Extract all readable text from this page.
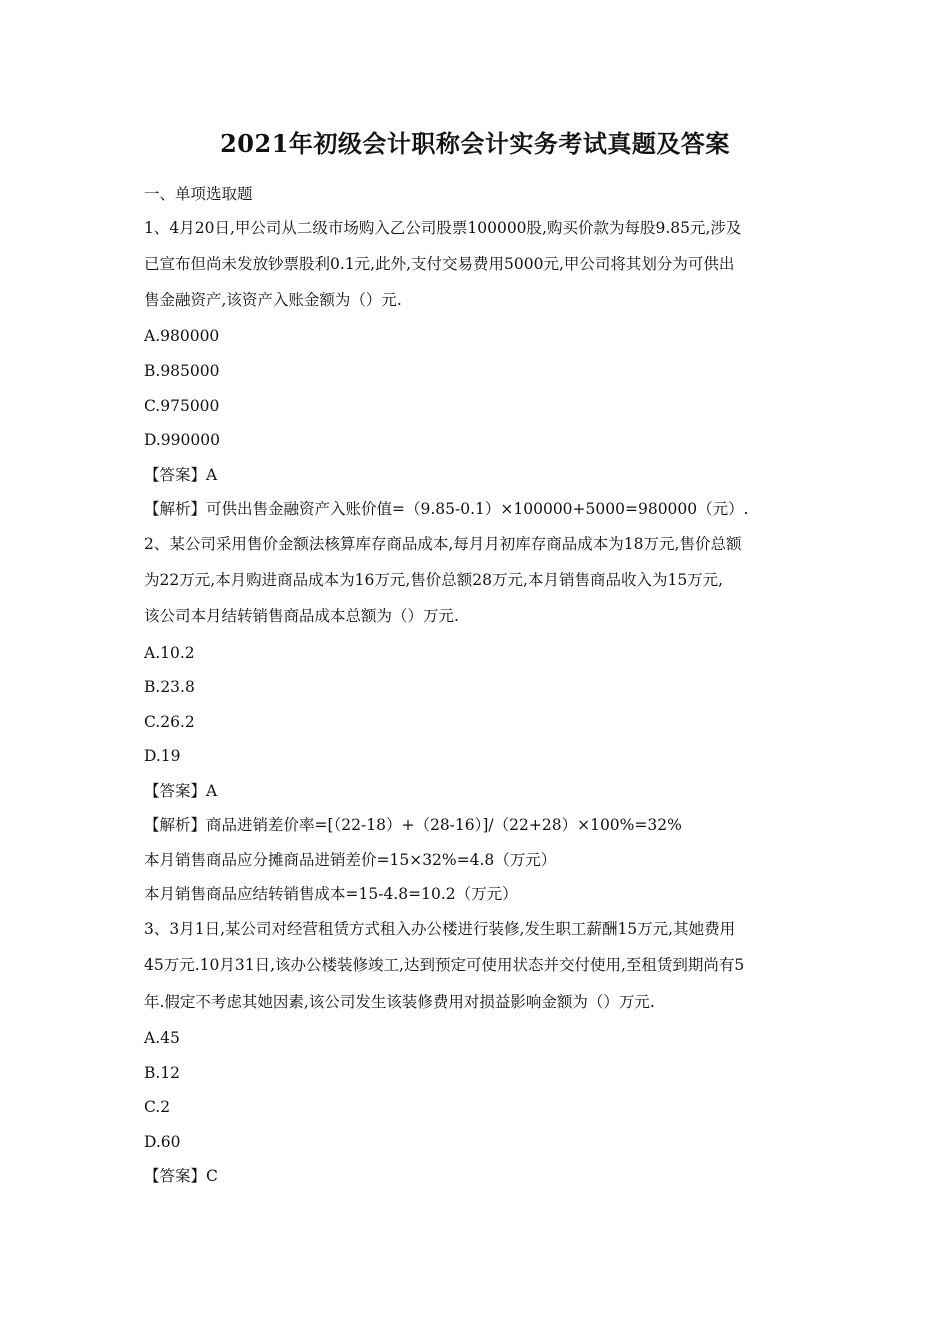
2021年初级会计职称会计实务考试真题及答案
一、单项选取题
1、4月20日,甲公司从二级市场购入乙公司股票100000股,购买价款为每股9.85元,涉及
已宣布但尚未发放钞票股利0.1元,此外,支付交易费用5000元,甲公司将其划分为可供出
售金融资产,该资产入账金额为（）元.
A.980000
B.985000
C.975000
D.990000
【答案】A
【解析】可供出售金融资产入账价值=（9.85-0.1）×100000+5000=980000（元）.
2、某公司采用售价金额法核算库存商品成本,每月月初库存商品成本为18万元,售价总额
为22万元,本月购进商品成本为16万元,售价总额28万元,本月销售商品收入为15万元,
该公司本月结转销售商品成本总额为（）万元.
A.10.2
B.23.8
C.26.2
D.19
【答案】A
【解析】商品进销差价率=[（22-18）+（28-16）]/（22+28）×100%=32%
本月销售商品应分摊商品进销差价=15×32%=4.8（万元）
本月销售商品应结转销售成本=15-4.8=10.2（万元）
3、3月1日,某公司对经营租赁方式租入办公楼进行装修,发生职工薪酬15万元,其她费用
45万元.10月31日,该办公楼装修竣工,达到预定可使用状态并交付使用,至租赁到期尚有5
年.假定不考虑其她因素,该公司发生该装修费用对损益影响金额为（）万元.
A.45
B.12
C.2
D.60
【答案】C
